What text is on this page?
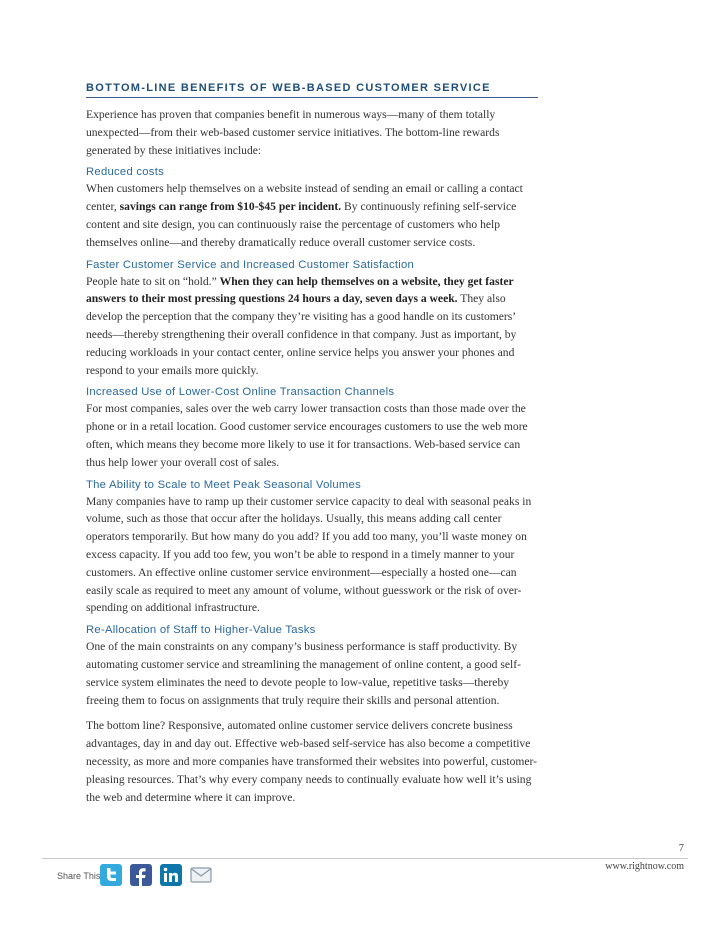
BOTTOM-LINE BENEFITS OF WEB-BASED CUSTOMER SERVICE

Experience has proven that companies benefit in numerous ways—many of them totally unexpected—from their web-based customer service initiatives. The bottom-line rewards generated by these initiatives include:

Reduced costs

When customers help themselves on a website instead of sending an email or calling a contact center, savings can range from $10-$45 per incident. By continuously refining self-service content and site design, you can continuously raise the percentage of customers who help themselves online—and thereby dramatically reduce overall customer service costs.

Faster Customer Service and Increased Customer Satisfaction

People hate to sit on “hold.” When they can help themselves on a website, they get faster answers to their most pressing questions 24 hours a day, seven days a week. They also develop the perception that the company they’re visiting has a good handle on its customers’ needs—thereby strengthening their overall confidence in that company. Just as important, by reducing workloads in your contact center, online service helps you answer your phones and respond to your emails more quickly.

Increased Use of Lower-Cost Online Transaction Channels

For most companies, sales over the web carry lower transaction costs than those made over the phone or in a retail location. Good customer service encourages customers to use the web more often, which means they become more likely to use it for transactions. Web-based service can thus help lower your overall cost of sales.

The Ability to Scale to Meet Peak Seasonal Volumes

Many companies have to ramp up their customer service capacity to deal with seasonal peaks in volume, such as those that occur after the holidays. Usually, this means adding call center operators temporarily. But how many do you add? If you add too many, you’ll waste money on excess capacity. If you add too few, you won’t be able to respond in a timely manner to your customers. An effective online customer service environment—especially a hosted one—can easily scale as required to meet any amount of volume, without guesswork or the risk of over-spending on additional infrastructure.

Re-Allocation of Staff to Higher-Value Tasks

One of the main constraints on any company’s business performance is staff productivity. By automating customer service and streamlining the management of online content, a good self-service system eliminates the need to devote people to low-value, repetitive tasks—thereby freeing them to focus on assignments that truly require their skills and personal attention.

The bottom line? Responsive, automated online customer service delivers concrete business advantages, day in and day out. Effective web-based self-service has also become a competitive necessity, as more and more companies have transformed their websites into powerful, customer-pleasing resources. That’s why every company needs to continually evaluate how well it’s using the web and determine where it can improve.

7
www.rightnow.com
Share This
